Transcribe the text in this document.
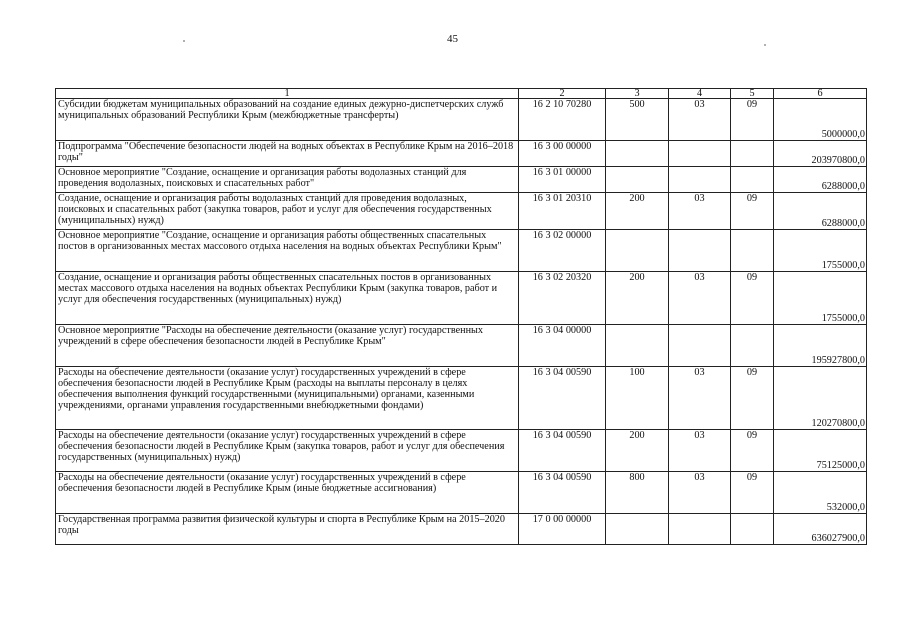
45
1	2	3	4	5	6
Субсидии бюджетам муниципальных образований на создание единых дежурно-диспетчерских служб муниципальных образований Республики Крым (межбюджетные трансферты)	16 2 10 70280	500	03	09	5000000,0
Подпрограмма "Обеспечение безопасности людей на водных объектах в Республике Крым на 2016–2018 годы"	16 3 00 00000				203970800,0
Основное мероприятие "Создание, оснащение и организация работы водолазных станций для проведения водолазных, поисковых и спасательных работ"	16 3 01 00000				6288000,0
Создание, оснащение и организация работы водолазных станций для проведения водолазных, поисковых и спасательных работ (закупка товаров, работ и услуг для обеспечения государственных (муниципальных) нужд)	16 3 01 20310	200	03	09	6288000,0
Основное мероприятие "Создание, оснащение и организация работы общественных спасательных постов в организованных местах массового отдыха населения на водных объектах Республики Крым"	16 3 02 00000				1755000,0
Создание, оснащение и организация работы общественных спасательных постов в организованных местах массового отдыха населения на водных объектах Республики Крым (закупка товаров, работ и услуг для обеспечения государственных (муниципальных) нужд)	16 3 02 20320	200	03	09	1755000,0
Основное мероприятие "Расходы на обеспечение деятельности (оказание услуг) государственных учреждений в сфере обеспечения безопасности людей в Республике Крым"	16 3 04 00000				195927800,0
Расходы на обеспечение деятельности (оказание услуг) государственных учреждений в сфере обеспечения безопасности людей в Республике Крым (расходы на выплаты персоналу в целях обеспечения выполнения функций государственными (муниципальными) органами, казенными учреждениями, органами управления государственными внебюджетными фондами)	16 3 04 00590	100	03	09	120270800,0
Расходы на обеспечение деятельности (оказание услуг) государственных учреждений в сфере обеспечения безопасности людей в Республике Крым (закупка товаров, работ и услуг для обеспечения государственных (муниципальных) нужд)	16 3 04 00590	200	03	09	75125000,0
Расходы на обеспечение деятельности (оказание услуг) государственных учреждений в сфере обеспечения безопасности людей в Республике Крым (иные бюджетные ассигнования)	16 3 04 00590	800	03	09	532000,0
Государственная программа развития физической культуры и спорта в Республике Крым на 2015–2020 годы	17 0 00 00000				636027900,0
